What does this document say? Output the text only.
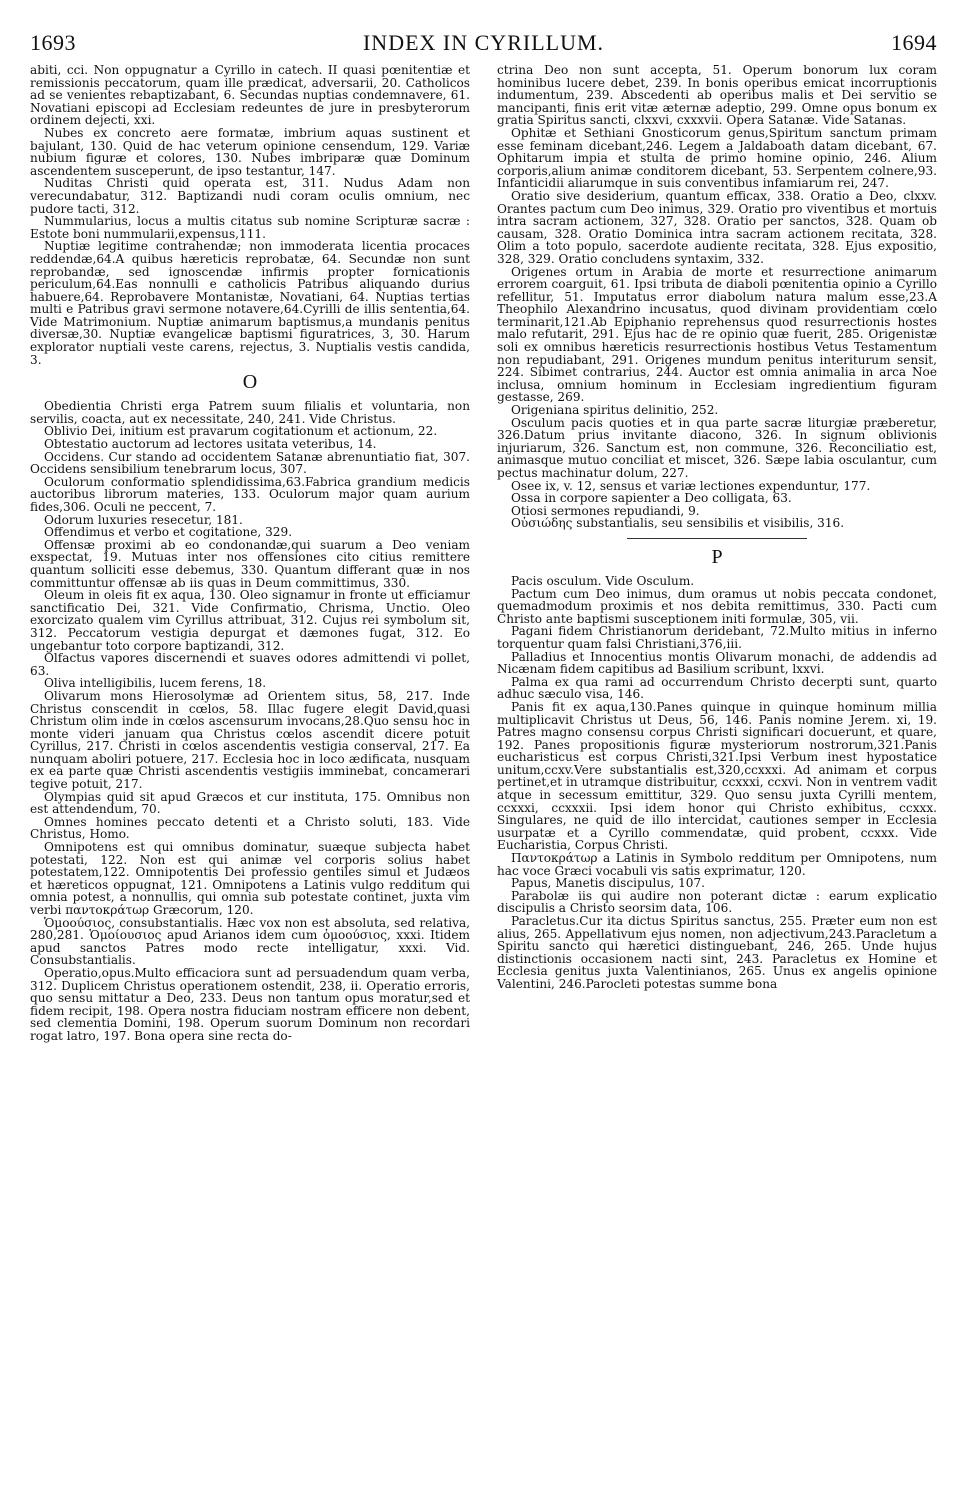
1693	INDEX IN CYRILLUM.	1694

abiti, cci. Non oppugnatur a Cyrillo in catech. II quasi pœnitentiæ et remissionis peccatorum, quam ille prædicat, adversarii, 20. Catholicos ad se venientes rebaptizabant, 6. Secundas nuptias condemnavere, 61. Novatiani episcopi ad Ecclesiam redeuntes de jure in presbyterorum ordinem dejecti, xxi.

Nubes ex concreto aere formatæ, imbrium aquas sustinent et bajulant, 130. Quid de hac veterum opinione censendum, 129. Variæ nubium figuræ et colores, 130. Nubes imbriparæ quæ Dominum ascendentem susceperunt, de ipso testantur, 147.

Nuditas Christi quid operata est, 311. Nudus Adam non verecundabatur, 312. Baptizandi nudi coram oculis omnium, nec pudore tacti, 312.

Nummularius, locus a multis citatus sub nomine Scripturæ sacræ : Estote boni nummularii,expensus,111.

Nuptiæ legitime contrahendæ; non immoderata licentia procaces reddendæ,64.A quibus hæreticis reprobatæ, 64. Secundæ non sunt reprobandæ, sed ignoscendæ infirmis propter fornicationis periculum,64.Eas nonnulli e catholicis Patribus aliquando durius habuere,64. Reprobavere Montanistæ, Novatiani, 64. Nuptias tertias multi e Patribus gravi sermone notavere,64.Cyrilli de illis sententia,64. Vide Matrimonium. Nuptiæ animarum baptismus,a mundanis penitus diversæ,30. Nuptiæ evangelicæ baptismi figuratrices, 3, 30. Harum explorator nuptiali veste carens, rejectus, 3. Nuptialis vestis candida, 3.

O

Obedientia Christi erga Patrem suum filialis et voluntaria, non servilis, coacta, aut ex necessitate, 240, 241. Vide Christus.

Oblivio Dei, initium est pravarum cogitationum et actionum, 22.

Obtestatio auctorum ad lectores usitata veteribus, 14.

Occidens. Cur stando ad occidentem Satanæ abrenuntiatio fiat, 307. Occidens sensibilium tenebrarum locus, 307.

Oculorum conformatio splendidissima,63.Fabrica grandium medicis auctoribus librorum materies, 133. Oculorum major quam aurium fides,306. Oculi ne peccent, 7.

Odorum luxuries resecetur, 181.

Offendimus et verbo et cogitatione, 329.

Offensæ proximi ab eo condonandæ,qui suarum a Deo veniam exspectat, 19. Mutuas inter nos offensiones cito citius remittere quantum solliciti esse debemus, 330. Quantum differant quæ in nos committuntur offensæ ab iis quas in Deum committimus, 330.

Oleum in oleis fit ex aqua, 130. Oleo signamur in fronte ut efficiamur sanctificatio Dei, 321. Vide Confirmatio, Chrisma, Unctio. Oleo exorcizato qualem vim Cyrillus attribuat, 312. Cujus rei symbolum sit, 312. Peccatorum vestigia depurgat et dæmones fugat, 312. Eo ungebantur toto corpore baptizandi, 312.

Olfactus vapores discernendi et suaves odores admittendi vi pollet, 63.

Oliva intelligibilis, lucem ferens, 18.

Olivarum mons Hierosolymæ ad Orientem situs, 58, 217. Inde Christus conscendit in cœlos, 58. Illac fugere elegit David,quasi Christum olim inde in cœlos ascensurum invocans,28.Quo sensu hoc in monte videri januam qua Christus cœlos ascendit dicere potuit Cyrillus, 217. Christi in cœlos ascendentis vestigia conserval, 217. Ea nunquam aboliri potuere, 217. Ecclesia hoc in loco ædificata, nusquam ex ea parte quæ Christi ascendentis vestigiis imminebat, concamerari tegive potuit, 217.

Olympias quid sit apud Græcos et cur instituta, 175. Omnibus non est attendendum, 70.

Omnes homines peccato detenti et a Christo soluti, 183. Vide Christus, Homo.

Omnipotens est qui omnibus dominatur, suæque subjecta habet potestati, 122. Non est qui animæ vel corporis solius habet potestatem,122. Omnipotentis Dei professio gentiles simul et Judæos et hæreticos oppugnat, 121. Omnipotens a Latinis vulgo redditum qui omnia potest, a nonnullis, qui omnia sub potestate continet, juxta vim verbi παντοκράτωρ Græcorum, 120.

Ὁμοούσιος, consubstantialis. Hæc vox non est absoluta, sed relativa, 280,281. Ὁμοίουσιος apud Arianos idem cum ὁμοούσιος, xxxi. Itidem apud sanctos Patres modo recte intelligatur, xxxi. Vid. Consubstantialis.

Operatio,opus.Multo efficaciora sunt ad persuadendum quam verba, 312. Duplicem Christus operationem ostendit, 238, ii. Operatio erroris, quo sensu mittatur a Deo, 233. Deus non tantum opus moratur,sed et fidem recipit, 198. Opera nostra fiduciam nostram efficere non debent, sed clementia Domini, 198. Operum suorum Dominum non recordari rogat latro, 197. Bona opera sine recta do-

ctrina Deo non sunt accepta, 51. Operum bonorum lux coram hominibus lucere debet, 239. In bonis operibus emicat incorruptionis indumentum, 239. Abscedenti ab operibus malis et Dei servitio se mancipanti, finis erit vitæ æternæ adeptio, 299. Omne opus bonum ex gratia Spiritus sancti, clxxvi, cxxxvii. Opera Satanæ. Vide Satanas.

Ophitæ et Sethiani Gnosticorum genus,Spiritum sanctum primam esse feminam dicebant,246. Legem a Jaldaboath datam dicebant, 67. Ophitarum impia et stulta de primo homine opinio, 246. Alium corporis,alium animæ conditorem dicebant, 53. Serpentem colnere,93. Infanticidii aliarumque in suis conventibus infamiarum rei, 247.

Oratio sive desiderium, quantum efficax, 338. Oratio a Deo, clxxv. Orantes pactum cum Deo inimus, 329. Oratio pro viventibus et mortuis intra sacram actionem, 327, 328. Oratio per sanctos, 328. Quam ob causam, 328. Oratio Dominica intra sacram actionem recitata, 328. Olim a toto populo, sacerdote audiente recitata, 328. Ejus expositio, 328, 329. Oratio concludens syntaxim, 332.

Origenes ortum in Arabia de morte et resurrectione animarum errorem coarguit, 61. Ipsi tributa de diaboli pœnitentia opinio a Cyrillo refellitur, 51. Imputatus error diabolum natura malum esse,23.A Theophilo Alexandrino incusatus, quod divinam providentiam cœlo terminarit,121.Ab Epiphanio reprehensus quod resurrectionis hostes malo refutarit, 291. Ejus hac de re opinio quæ fuerit, 285. Origenistæ soli ex omnibus hæreticis resurrectionis hostibus Vetus Testamentum non repudiabant, 291. Origenes mundum penitus interiturum sensit, 224. Sibimet contrarius, 244. Auctor est omnia animalia in arca Noe inclusa, omnium hominum in Ecclesiam ingredientium figuram gestasse, 269.

Origeniana spiritus delinitio, 252.

Osculum pacis quoties et in qua parte sacræ liturgiæ præberetur, 326.Datum prius invitante diacono, 326. In signum oblivionis injuriarum, 326. Sanctum est, non commune, 326. Reconciliatio est, animasque mutuo conciliat et miscet, 326. Sæpe labia osculantur, cum pectus machinatur dolum, 227.

Osee ix, v. 12, sensus et variæ lectiones expenduntur, 177.

Ossa in corpore sapienter a Deo colligata, 63.

Otiosi sermones repudiandi, 9.

Οὐσιώδης substantialis, seu sensibilis et visibilis, 316.

P

Pacis osculum. Vide Osculum.

Pactum cum Deo inimus, dum oramus ut nobis peccata condonet, quemadmodum proximis et nos debita remittimus, 330. Pacti cum Christo ante baptismi susceptionem initi formulæ, 305, vii.

Pagani fidem Christianorum deridebant, 72.Multo mitius in inferno torquentur quam falsi Christiani,376,iii.

Palladius et Innocentius montis Olivarum monachi, de addendis ad Nicænam fidem capitibus ad Basilium scribunt, lxxvi.

Palma ex qua rami ad occurrendum Christo decerpti sunt, quarto adhuc sæculo visa, 146.

Panis fit ex aqua,130.Panes quinque in quinque hominum millia multiplicavit Christus ut Deus, 56, 146. Panis nomine Jerem. xi, 19. Patres magno consensu corpus Christi significari docuerunt, et quare, 192. Panes propositionis figuræ mysteriorum nostrorum,321.Panis eucharisticus est corpus Christi,321.Ipsi Verbum inest hypostatice unitum,ccxv.Vere substantialis est,320,ccxxxi. Ad animam et corpus pertinet,et in utramque distribuitur, ccxxxi, ccxvi. Non in ventrem vadit atque in secessum emittitur, 329. Quo sensu juxta Cyrilli mentem, ccxxxi, ccxxxii. Ipsi idem honor qui Christo exhibitus, ccxxx. Singulares, ne quid de illo intercidat, cautiones semper in Ecclesia usurpatæ et a Cyrillo commendatæ, quid probent, ccxxx. Vide Eucharistia, Corpus Christi.

Παντοκράτωρ a Latinis in Symbolo redditum per Omnipotens, num hac voce Græci vocabuli vis satis exprimatur, 120.

Papus, Manetis discipulus, 107.

Parabolæ iis qui audire non poterant dictæ : earum explicatio discipulis a Christo seorsim data, 106.

Paracletus.Cur ita dictus Spiritus sanctus, 255. Præter eum non est alius, 265. Appellativum ejus nomen, non adjectivum,243.Paracletum a Spiritu sancto qui hæretici distinguebant, 246, 265. Unde hujus distinctionis occasionem nacti sint, 243. Paracletus ex Homine et Ecclesia genitus juxta Valentinianos, 265. Unus ex angelis opinione Valentini, 246.Parocleti potestas summe bona
